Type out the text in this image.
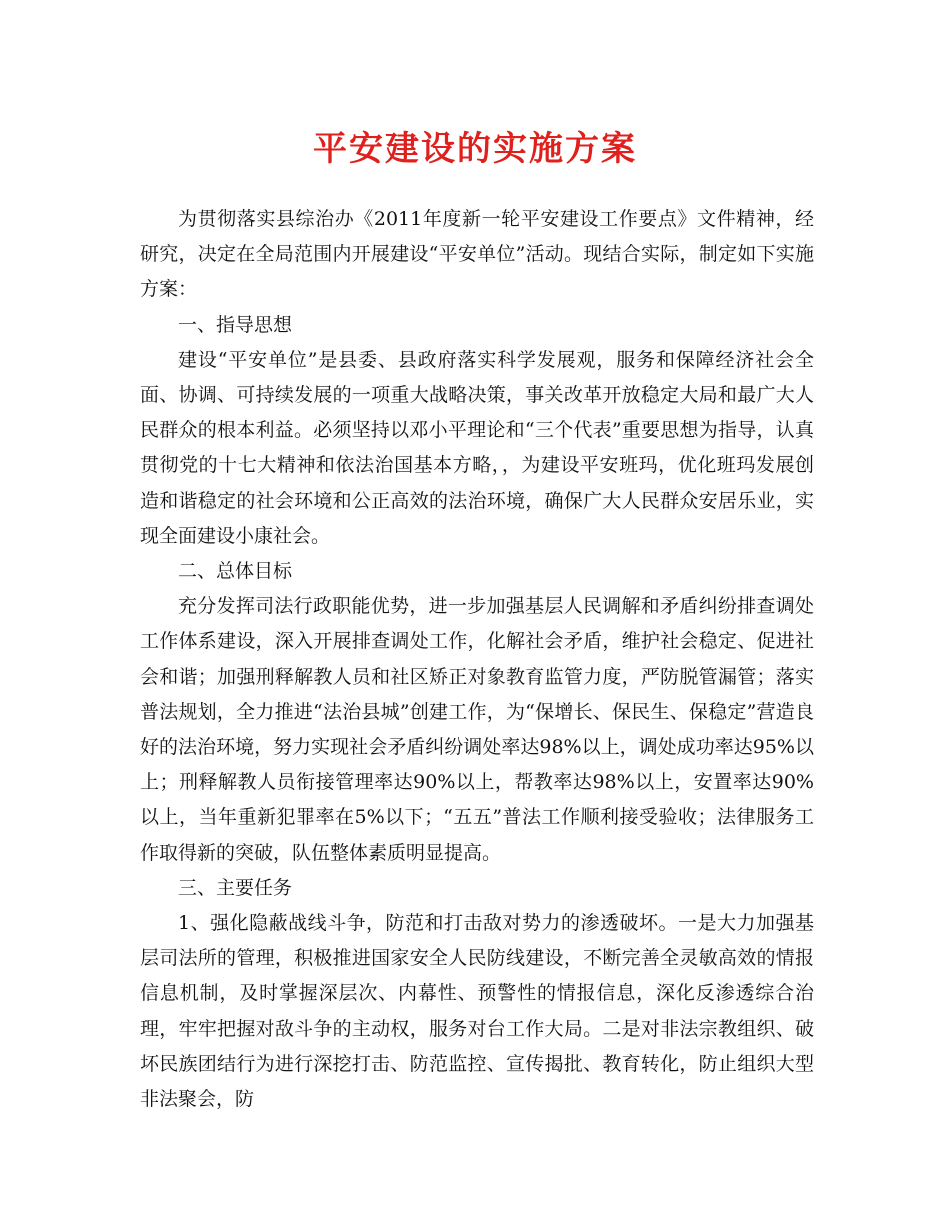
平安建设的实施方案

为贯彻落实县综治办《2011年度新一轮平安建设工作要点》文件精神，经研究，决定在全局范围内开展建设“平安单位”活动。现结合实际，制定如下实施方案：

一、指导思想

建设“平安单位”是县委、县政府落实科学发展观，服务和保障经济社会全面、协调、可持续发展的一项重大战略决策，事关改革开放稳定大局和最广大人民群众的根本利益。必须坚持以邓小平理论和“三个代表”重要思想为指导，认真贯彻党的十七大精神和依法治国基本方略，，为建设平安班玛，优化班玛发展创造和谐稳定的社会环境和公正高效的法治环境，确保广大人民群众安居乐业，实现全面建设小康社会。

二、总体目标

充分发挥司法行政职能优势，进一步加强基层人民调解和矛盾纠纷排查调处工作体系建设，深入开展排查调处工作，化解社会矛盾，维护社会稳定、促进社会和谐；加强刑释解教人员和社区矫正对象教育监管力度，严防脱管漏管；落实普法规划，全力推进“法治县城”创建工作，为“保增长、保民生、保稳定”营造良好的法治环境，努力实现社会矛盾纠纷调处率达98%以上，调处成功率达95%以上；刑释解教人员衔接管理率达90%以上，帮教率达98%以上，安置率达90%以上，当年重新犯罪率在5%以下；“五五”普法工作顺利接受验收；法律服务工作取得新的突破，队伍整体素质明显提高。

三、主要任务

1、强化隐蔽战线斗争，防范和打击敌对势力的渗透破坏。一是大力加强基层司法所的管理，积极推进国家安全人民防线建设，不断完善全灵敏高效的情报信息机制，及时掌握深层次、内幕性、预警性的情报信息，深化反渗透综合治理，牢牢把握对敌斗争的主动权，服务对台工作大局。二是对非法宗教组织、破坏民族团结行为进行深挖打击、防范监控、宣传揭批、教育转化，防止组织大型非法聚会，防
